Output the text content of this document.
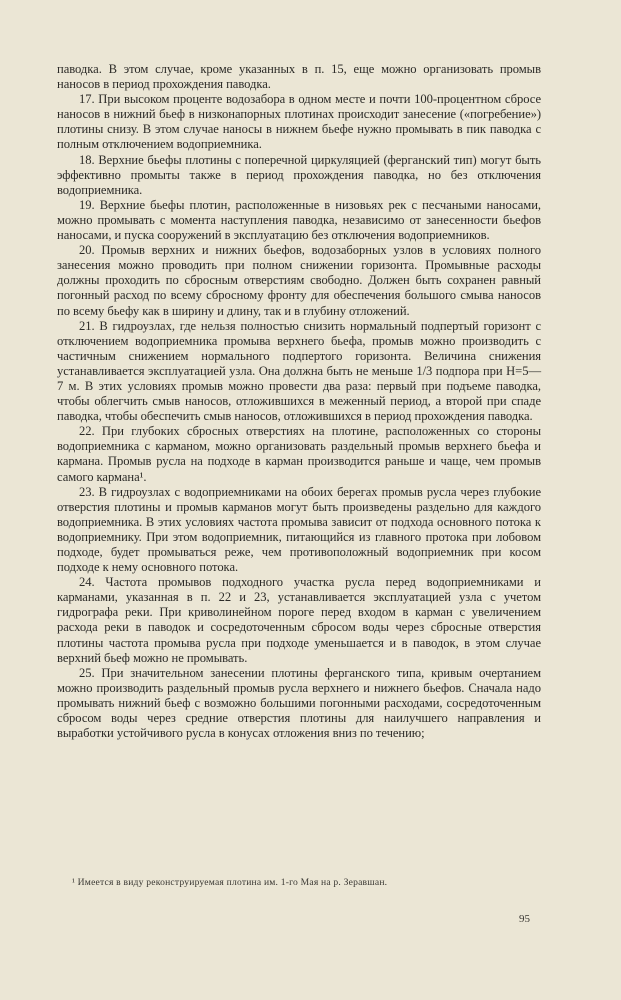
паводка. В этом случае, кроме указанных в п. 15, еще можно организовать промыв наносов в период прохождения паводка.

17. При высоком проценте водозабора в одном месте и почти 100-процентном сбросе наносов в нижний бьеф в низконапорных плотинах происходит занесение («погребение») плотины снизу. В этом случае наносы в нижнем бьефе нужно промывать в пик паводка с полным отключением водоприемника.

18. Верхние бьефы плотины с поперечной циркуляцией (ферганский тип) могут быть эффективно промыты также в период прохождения паводка, но без отключения водоприемника.

19. Верхние бьефы плотин, расположенные в низовьях рек с песчаными наносами, можно промывать с момента наступления паводка, независимо от занесенности бьефов наносами, и пуска сооружений в эксплуатацию без отключения водоприемников.

20. Промыв верхних и нижних бьефов, водозаборных узлов в условиях полного занесения можно проводить при полном снижении горизонта. Промывные расходы должны проходить по сбросным отверстиям свободно. Должен быть сохранен равный погонный расход по всему сбросному фронту для обеспечения большого смыва наносов по всему бьефу как в ширину и длину, так и в глубину отложений.

21. В гидроузлах, где нельзя полностью снизить нормальный подпертый горизонт с отключением водоприемника промыва верхнего бьефа, промыв можно производить с частичным снижением нормального подпертого горизонта. Величина снижения устанавливается эксплуатацией узла. Она должна быть не меньше 1/3 подпора при H=5—7 м. В этих условиях промыв можно провести два раза: первый при подъеме паводка, чтобы облегчить смыв наносов, отложившихся в меженный период, а второй при спаде паводка, чтобы обеспечить смыв наносов, отложившихся в период прохождения паводка.

22. При глубоких сбросных отверстиях на плотине, расположенных со стороны водоприемника с карманом, можно организовать раздельный промыв верхнего бьефа и кармана. Промыв русла на подходе в карман производится раньше и чаще, чем промыв самого кармана¹.

23. В гидроузлах с водоприемниками на обоих берегах промыв русла через глубокие отверстия плотины и промыв карманов могут быть произведены раздельно для каждого водоприемника. В этих условиях частота промыва зависит от подхода основного потока к водоприемнику. При этом водоприемник, питающийся из главного протока при лобовом подходе, будет промываться реже, чем противоположный водоприемник при косом подходе к нему основного потока.

24. Частота промывов подходного участка русла перед водоприемниками и карманами, указанная в п. 22 и 23, устанавливается эксплуатацией узла с учетом гидрографа реки. При криволинейном пороге перед входом в карман с увеличением расхода реки в паводок и сосредоточенным сбросом воды через сбросные отверстия плотины частота промыва русла при подходе уменьшается и в паводок, в этом случае верхний бьеф можно не промывать.

25. При значительном занесении плотины ферганского типа, кривым очертанием можно производить раздельный промыв русла верхнего и нижнего бьефов. Сначала надо промывать нижний бьеф с возможно большими погонными расходами, сосредоточенным сбросом воды через средние отверстия плотины для наилучшего направления и выработки устойчивого русла в конусах отложения вниз по течению;

¹ Имеется в виду реконструируемая плотина им. 1-го Мая на р. Зеравшан.
95
